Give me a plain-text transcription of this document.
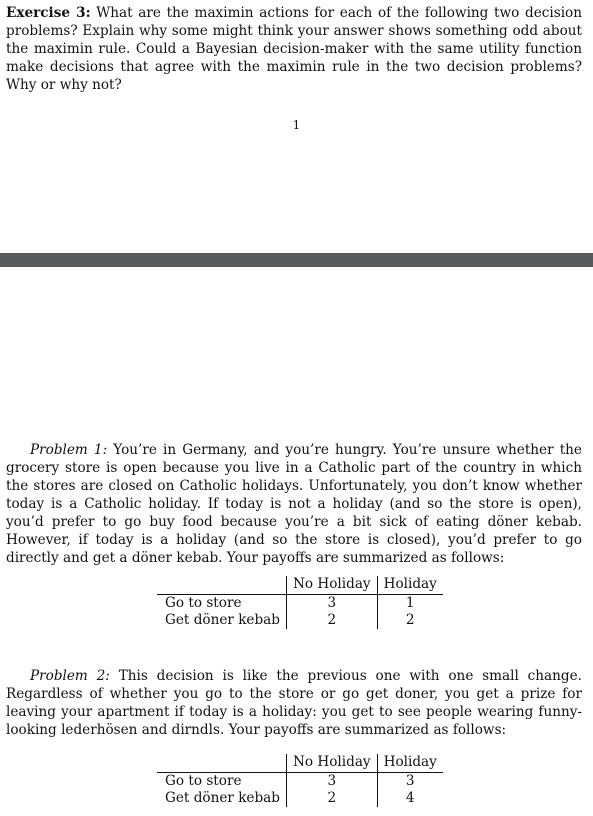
Exercise 3: What are the maximin actions for each of the following two decision problems? Explain why some might think your answer shows something odd about the maximin rule. Could a Bayesian decision-maker with the same utility function make decisions that agree with the maximin rule in the two decision problems? Why or why not?

1

Problem 1: You’re in Germany, and you’re hungry. You’re unsure whether the grocery store is open because you live in a Catholic part of the country in which the stores are closed on Catholic holidays. Unfortunately, you don’t know whether today is a Catholic holiday. If today is not a holiday (and so the store is open), you’d prefer to go buy food because you’re a bit sick of eating döner kebab. However, if today is a holiday (and so the store is closed), you’d prefer to go directly and get a döner kebab. Your payoffs are summarized as follows:

	No Holiday	Holiday
Go to store	3	1
Get döner kebab	2	2

Problem 2: This decision is like the previous one with one small change. Regardless of whether you go to the store or go get doner, you get a prize for leaving your apartment if today is a holiday: you get to see people wearing funny-looking lederhösen and dirndls. Your payoffs are summarized as follows:

	No Holiday	Holiday
Go to store	3	3
Get döner kebab	2	4
